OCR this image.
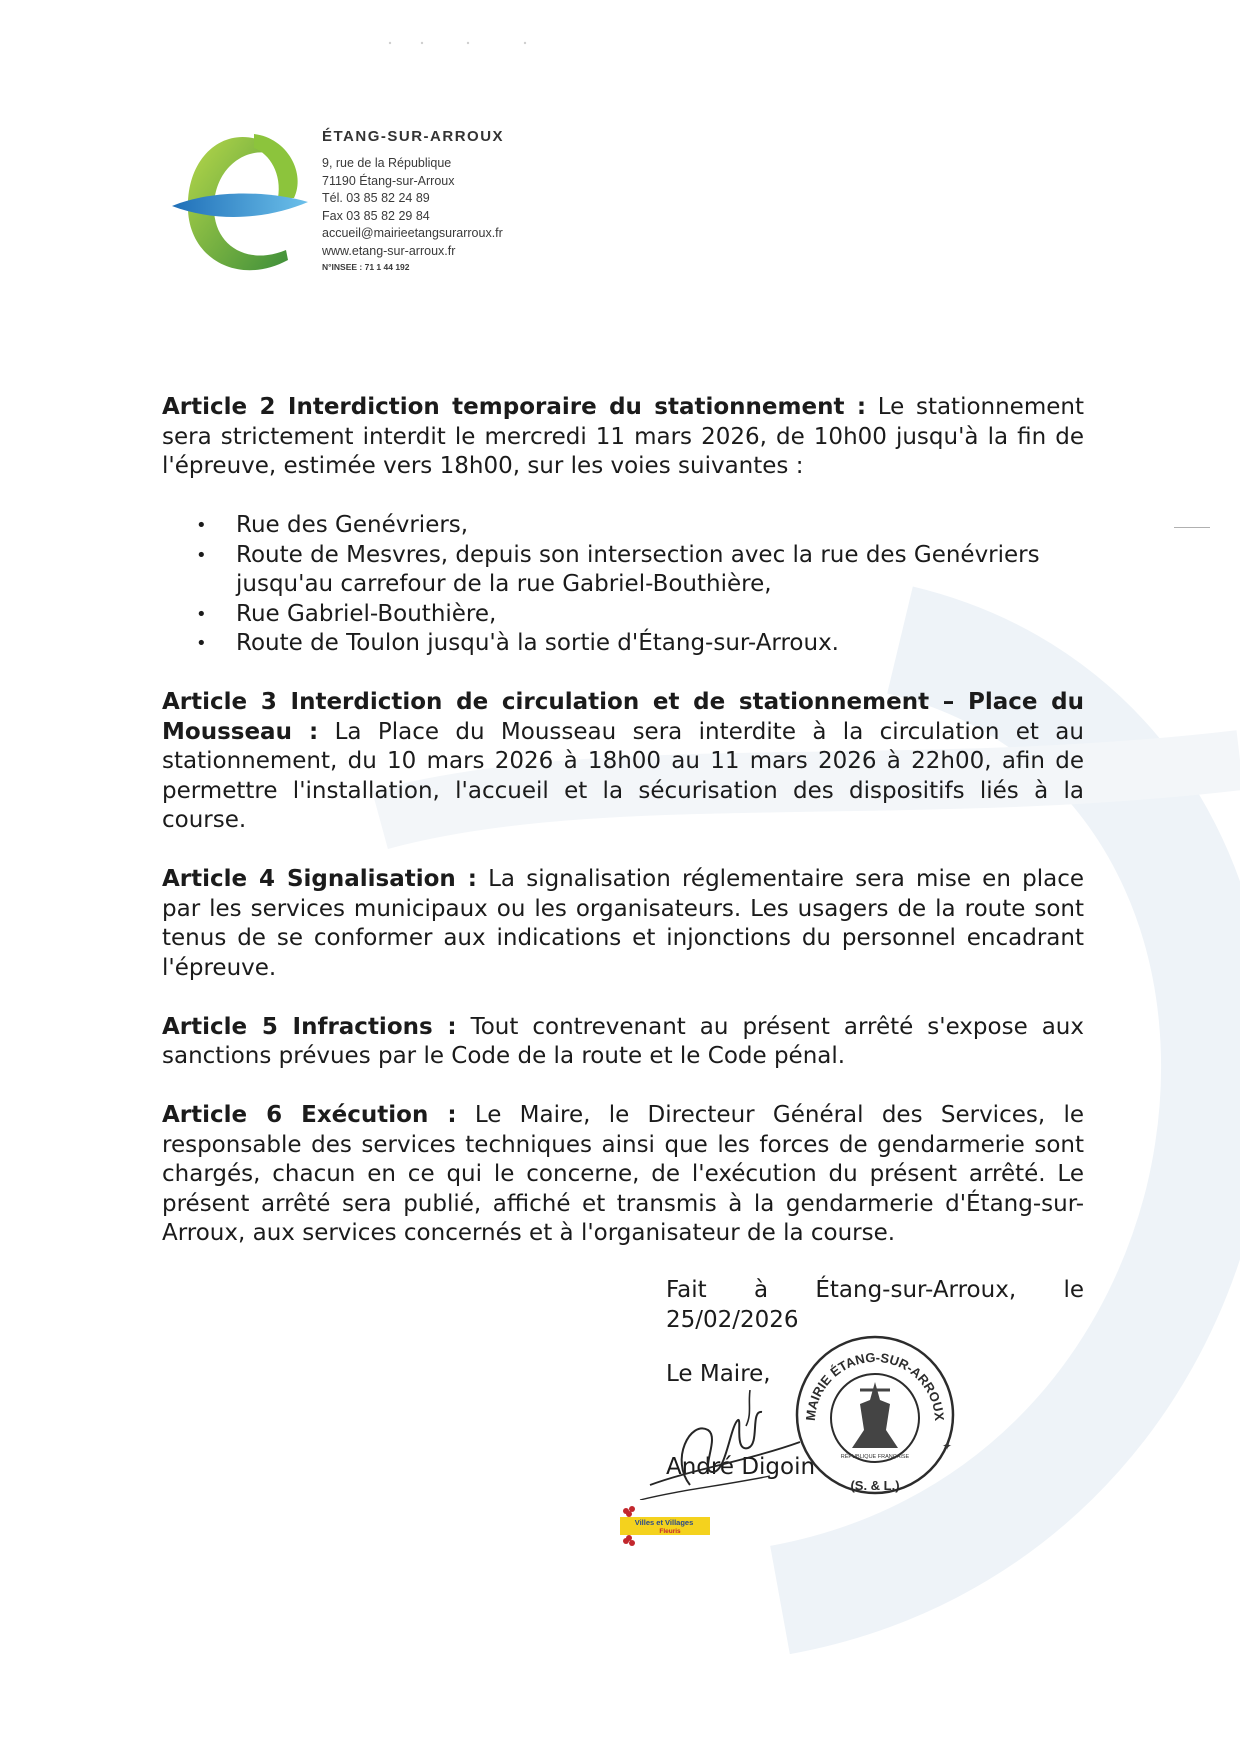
ÉTANG-SUR-ARROUX
9, rue de la République
71190 Étang-sur-Arroux
Tél. 03 85 82 24 89
Fax 03 85 82 29 84
accueil@mairieetangsurarroux.fr
www.etang-sur-arroux.fr
N°INSEE : 71 1 44 192

Article 2 Interdiction temporaire du stationnement : Le stationnement sera strictement interdit le mercredi 11 mars 2026, de 10h00 jusqu'à la fin de l'épreuve, estimée vers 18h00, sur les voies suivantes :

• Rue des Genévriers,
• Route de Mesvres, depuis son intersection avec la rue des Genévriers jusqu'au carrefour de la rue Gabriel-Bouthière,
• Rue Gabriel-Bouthière,
• Route de Toulon jusqu'à la sortie d'Étang-sur-Arroux.

Article 3 Interdiction de circulation et de stationnement – Place du Mousseau : La Place du Mousseau sera interdite à la circulation et au stationnement, du 10 mars 2026 à 18h00 au 11 mars 2026 à 22h00, afin de permettre l'installation, l'accueil et la sécurisation des dispositifs liés à la course.

Article 4 Signalisation : La signalisation réglementaire sera mise en place par les services municipaux ou les organisateurs. Les usagers de la route sont tenus de se conformer aux indications et injonctions du personnel encadrant l'épreuve.

Article 5 Infractions : Tout contrevenant au présent arrêté s'expose aux sanctions prévues par le Code de la route et le Code pénal.

Article 6 Exécution : Le Maire, le Directeur Général des Services, le responsable des services techniques ainsi que les forces de gendarmerie sont chargés, chacun en ce qui le concerne, de l'exécution du présent arrêté. Le présent arrêté sera publié, affiché et transmis à la gendarmerie d'Étang-sur-Arroux, aux services concernés et à l'organisateur de la course.

Fait à Étang-sur-Arroux, le
25/02/2026
Le Maire,
André Digoin
MAIRIE ÉTANG-SUR-ARROUX
(S. & L.)
RÉPUBLIQUE FRANÇAISE
✦
Villes et Villages
Fleuris
